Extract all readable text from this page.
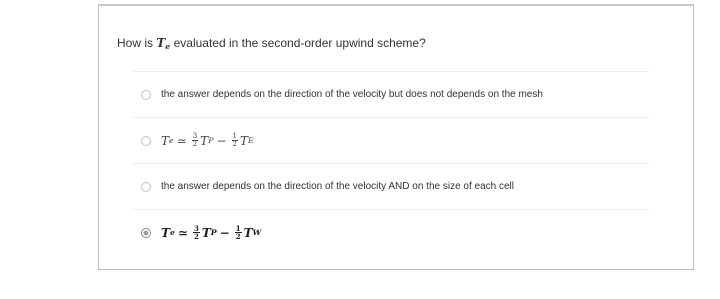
How is $T_e$ evaluated in the second-order upwind scheme?
the answer depends on the direction of the velocity but does not depends on the mesh
T e ≃ $\frac{3}{2}$ T $P - \frac{1}{2}$ T E
the answer depends on the direction of the velocity AND on the size of each cell
T e ≃ $\frac{3}{2}$ T $P - \frac{1}{2}$ T W
